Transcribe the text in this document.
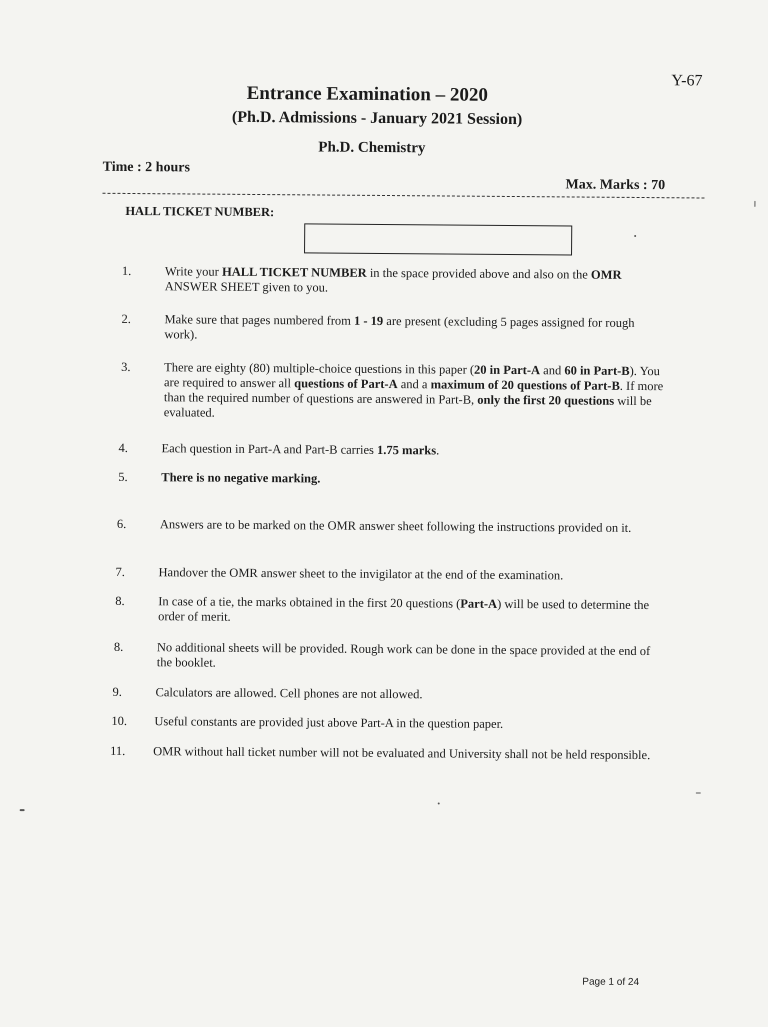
Y-67
Entrance Examination – 2020
(Ph.D. Admissions - January 2021 Session)
Ph.D. Chemistry
Time : 2 hours
Max. Marks : 70
HALL TICKET NUMBER:
1.	Write your HALL TICKET NUMBER in the space provided above and also on the OMR ANSWER SHEET given to you.
2.	Make sure that pages numbered from 1 - 19 are present (excluding 5 pages assigned for rough work).
3.	There are eighty (80) multiple-choice questions in this paper (20 in Part-A and 60 in Part-B). You are required to answer all questions of Part-A and a maximum of 20 questions of Part-B. If more than the required number of questions are answered in Part-B, only the first 20 questions will be evaluated.
4.	Each question in Part-A and Part-B carries 1.75 marks.
5.	There is no negative marking.
6.	Answers are to be marked on the OMR answer sheet following the instructions provided on it.
7.	Handover the OMR answer sheet to the invigilator at the end of the examination.
8.	In case of a tie, the marks obtained in the first 20 questions (Part-A) will be used to determine the order of merit.
8.	No additional sheets will be provided. Rough work can be done in the space provided at the end of the booklet.
9.	Calculators are allowed. Cell phones are not allowed.
10.	Useful constants are provided just above Part-A in the question paper.
11.	OMR without hall ticket number will not be evaluated and University shall not be held responsible.
Page 1 of 24
